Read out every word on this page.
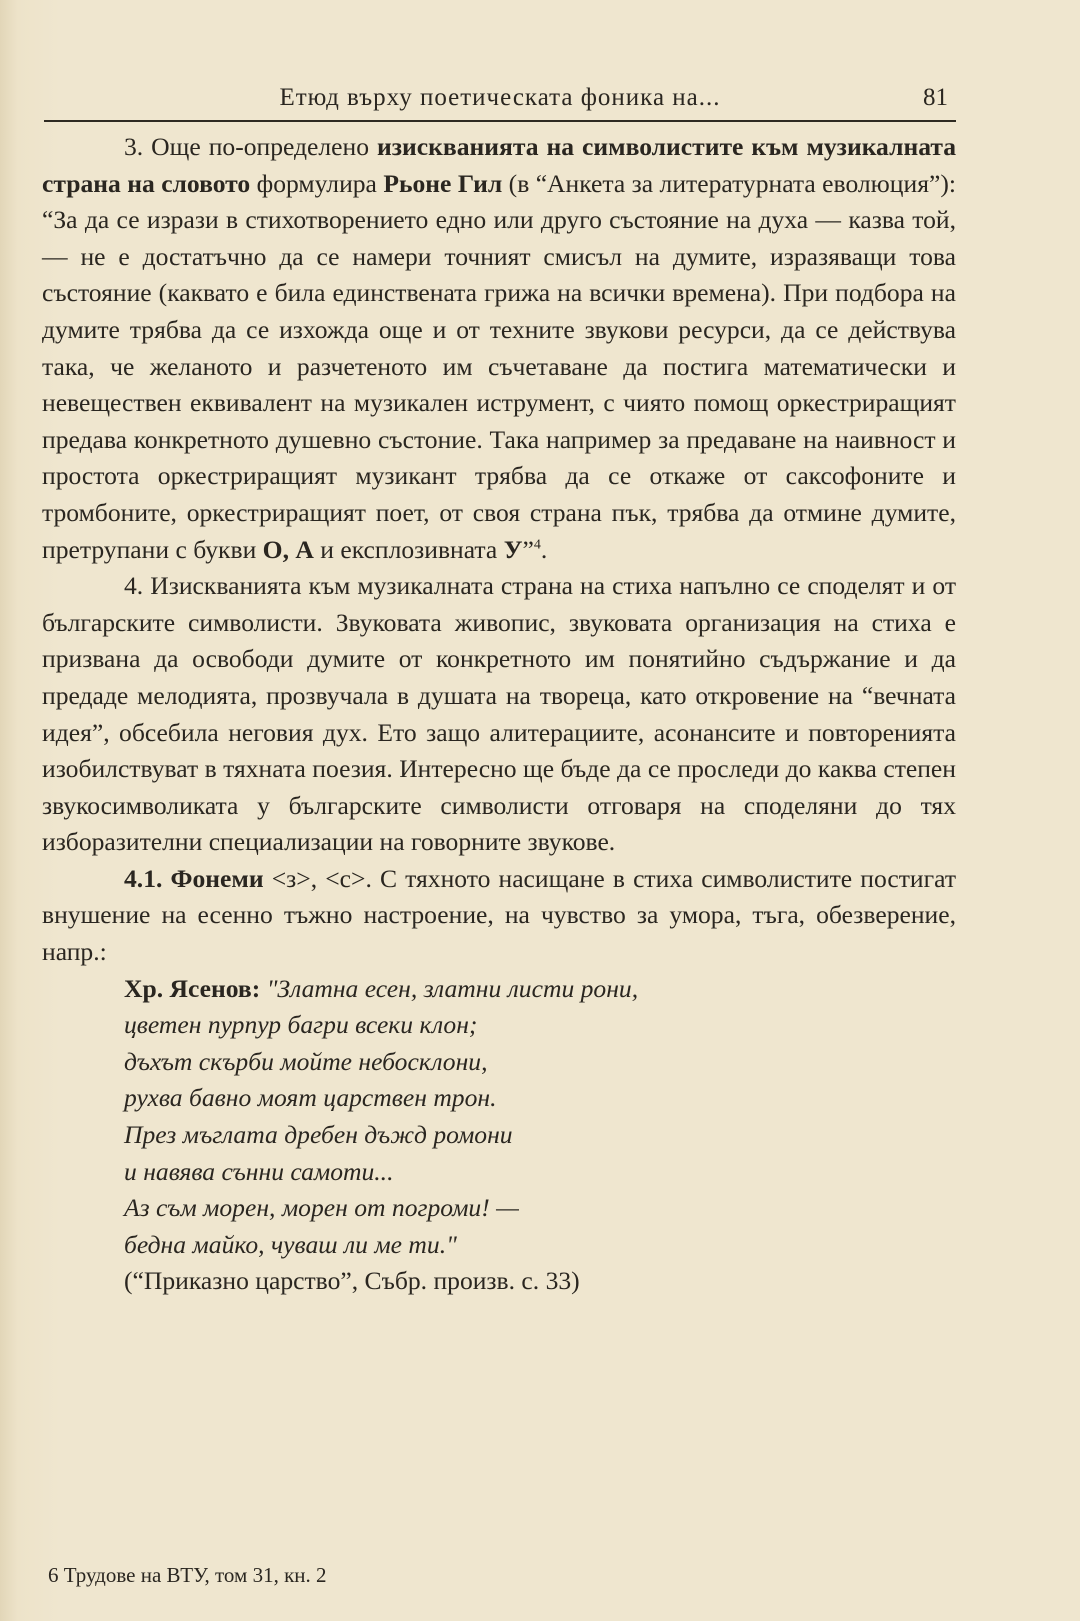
Етюд върху поетическата фоника на...	81

3. Още по-определено изискванията на символистите към музикалната страна на словото формулира Рьоне Гил (в “Анкета за литературната еволюция”): “За да се изрази в стихотворението едно или друго състояние на духа — казва той, — не е достатъчно да се намери точният смисъл на думите, изразяващи това състояние (каквато е била единствената грижа на всички времена). При подбора на думите трябва да се изхожда още и от техните звукови ресурси, да се действува така, че желаното и разчетеното им съчетаване да постига математически и невеществен еквивалент на музикален иструмент, с чиято помощ оркестриращият предава конкретното душевно състоние. Така например за предаване на наивност и простота оркестриращият музикант трябва да се откаже от саксофоните и тромбоните, оркестриращият поет, от своя страна пък, трябва да отмине думите, претрупани с букви О, А и експлозивната У”$^4$.

4. Изискванията към музикалната страна на стиха напълно се споделят и от българските символисти. Звуковата живопис, звуковата организация на стиха е призвана да освободи думите от конкретното им понятийно съдържание и да предаде мелодията, прозвучала в душата на твореца, като откровение на “вечната идея”, обсебила неговия дух. Ето защо алитерациите, асонансите и повторенията изобилствуват в тяхната поезия. Интересно ще бъде да се проследи до каква степен звукосимволиката у българските символисти отговаря на споделяни до тях изборазителни специализации на говорните звукове.

4.1. Фонеми <з>, <с>. С тяхното насищане в стиха символистите постигат внушение на есенно тъжно настроение, на чувство за умора, тъга, обезверение, напр.:

Хр. Ясенов: "Златна есен, златни листи рони,
цветен пурпур багри всеки клон;
дъхът скърби мойте небосклони,
рухва бавно моят царствен трон.
През мъглата дребен дъжд ромони
и навява сънни самоти...
Аз съм морен, морен от погроми! —
бедна майко, чуваш ли ме ти."
(“Приказно царство”, Събр. произв. с. 33)
6 Трудове на ВТУ, том 31, кн. 2
